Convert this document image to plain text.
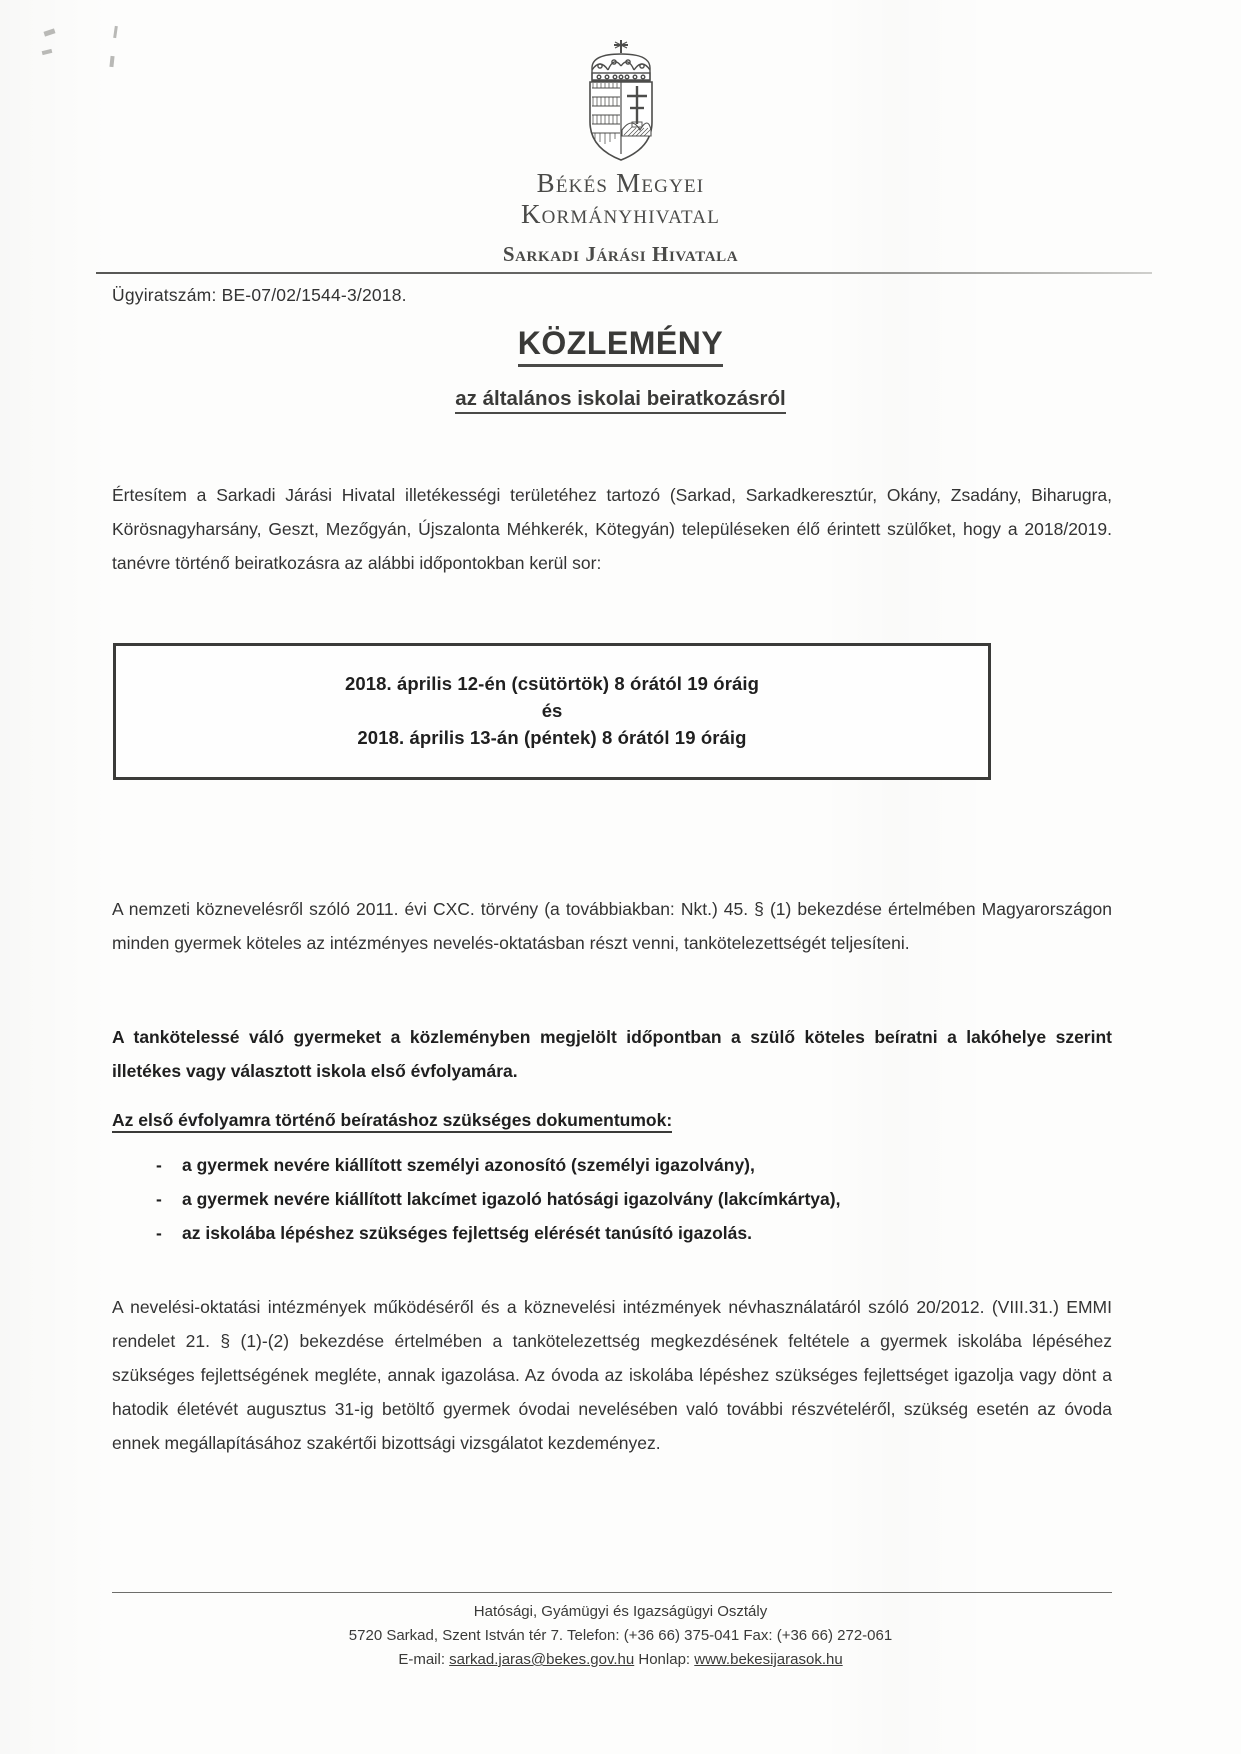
Békés Megyei
Kormányhivatal
Sarkadi Járási Hivatala
Ügyiratszám: BE-07/02/1544-3/2018.
KÖZLEMÉNY
az általános iskolai beiratkozásról

Értesítem a Sarkadi Járási Hivatal illetékességi területéhez tartozó (Sarkad, Sarkadkeresztúr, Okány, Zsadány, Biharugra, Körösnagyharsány, Geszt, Mezőgyán, Újszalonta Méhkerék, Kötegyán) településeken élő érintett szülőket, hogy a 2018/2019. tanévre történő beiratkozásra az alábbi időpontokban kerül sor:

2018. április 12-én (csütörtök) 8 órától 19 óráig
és
2018. április 13-án (péntek) 8 órától 19 óráig

A nemzeti köznevelésről szóló 2011. évi CXC. törvény (a továbbiakban: Nkt.) 45. § (1) bekezdése értelmében Magyarországon minden gyermek köteles az intézményes nevelés-oktatásban részt venni, tankötelezettségét teljesíteni.

A tankötelessé váló gyermeket a közleményben megjelölt időpontban a szülő köteles beíratni a lakóhelye szerint illetékes vagy választott iskola első évfolyamára.

Az első évfolyamra történő beíratáshoz szükséges dokumentumok:
- a gyermek nevére kiállított személyi azonosító (személyi igazolvány),
- a gyermek nevére kiállított lakcímet igazoló hatósági igazolvány (lakcímkártya),
- az iskolába lépéshez szükséges fejlettség elérését tanúsító igazolás.

A nevelési-oktatási intézmények működéséről és a köznevelési intézmények névhasználatáról szóló 20/2012. (VIII.31.) EMMI rendelet 21. § (1)-(2) bekezdése értelmében a tankötelezettség megkezdésének feltétele a gyermek iskolába lépéséhez szükséges fejlettségének megléte, annak igazolása. Az óvoda az iskolába lépéshez szükséges fejlettséget igazolja vagy dönt a hatodik életévét augusztus 31-ig betöltő gyermek óvodai nevelésében való további részvételéről, szükség esetén az óvoda ennek megállapításához szakértői bizottsági vizsgálatot kezdeményez.

Hatósági, Gyámügyi és Igazságügyi Osztály
5720 Sarkad, Szent István tér 7. Telefon: (+36 66) 375-041 Fax: (+36 66) 272-061
E-mail: sarkad.jaras@bekes.gov.hu Honlap: www.bekesijarasok.hu
